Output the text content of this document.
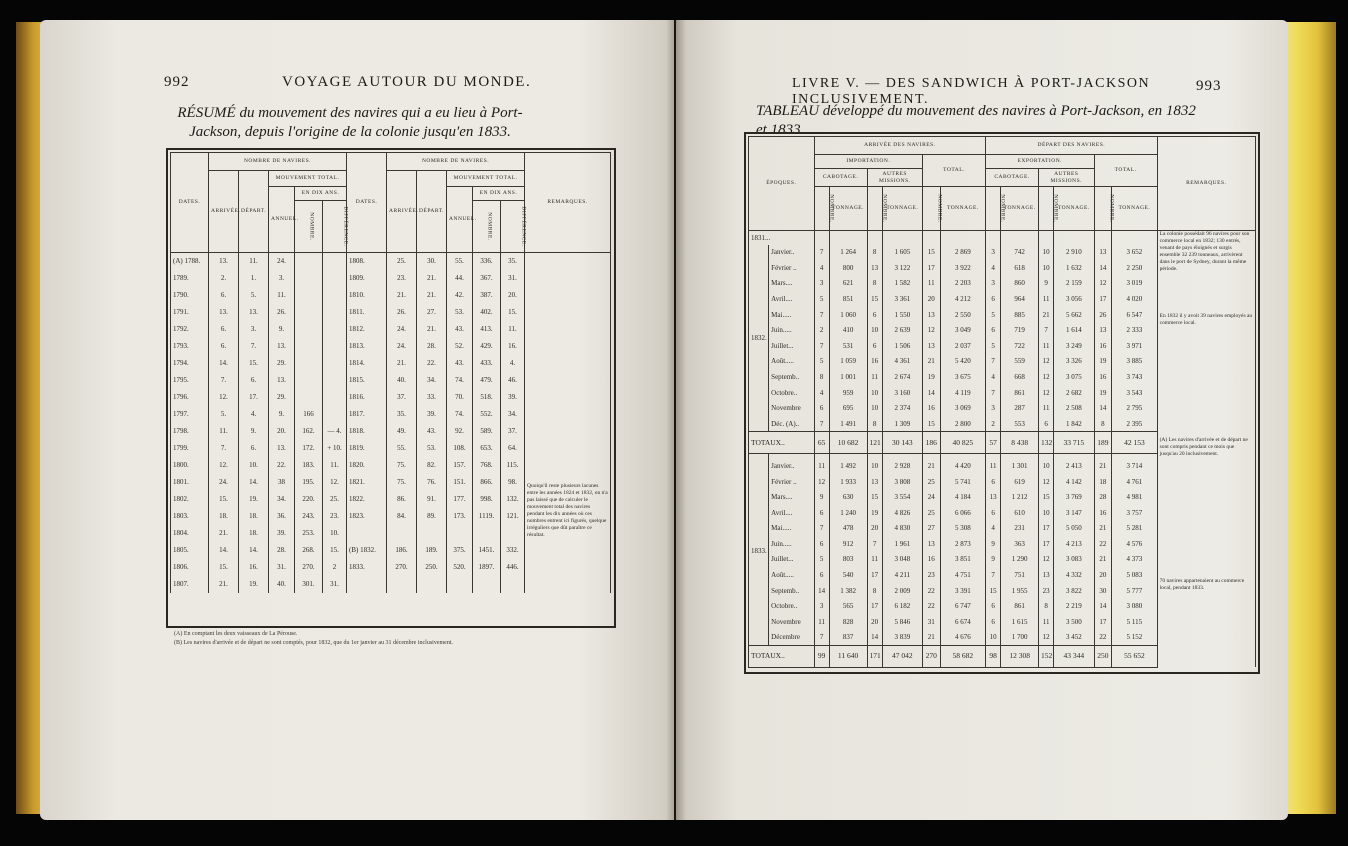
992	VOYAGE AUTOUR DU MONDE.
RÉSUMÉ du mouvement des navires qui a eu lieu à Port-Jackson, depuis l'origine de la colonie jusqu'en 1833.
DATES.	NOMBRE DE NAVIRES.					DATES.	NOMBRE DE NAVIRES.					REMARQUES.
	ARRIVÉE.	DÉPART.	MOUVEMENT TOTAL.				ARRIVÉE.	DÉPART.	MOUVEMENT TOTAL.			
			ANNUEL.	EN DIX ANS.					ANNUEL.	EN DIX ANS.		
				NOMBRE.	DIFFÉRENCE.					NOMBRE.	DIFFÉRENCE.	
(A) 1788.	13.	11.	24.			1808.	25.	30.	55.	336.	35.	Quoiqu'il reste plusieurs lacunes entre les années 1824 et 1832, on n'a pas laissé que de calculer le mouvement total des navires pendant les dix années où ces nombres entrent ici figurés, quelque irréguliers que dût paraître ce résultat.

1789.	2.	1.	3.			1809.	23.	21.	44.	367.	31.	
1790.	6.	5.	11.			1810.	21.	21.	42.	387.	20.	
1791.	13.	13.	26.			1811.	26.	27.	53.	402.	15.	
1792.	6.	3.	9.			1812.	24.	21.	43.	413.	11.	
1793.	6.	7.	13.			1813.	24.	28.	52.	429.	16.	
1794.	14.	15.	29.			1814.	21.	22.	43.	433.	4.	
1795.	7.	6.	13.			1815.	40.	34.	74.	479.	46.	
1796.	12.	17.	29.			1816.	37.	33.	70.	518.	39.	
1797.	5.	4.	9.	166		1817.	35.	39.	74.	552.	34.	
1798.	11.	9.	20.	162.	— 4.	1818.	49.	43.	92.	589.	37.	
1799.	7.	6.	13.	172.	+ 10.	1819.	55.	53.	108.	653.	64.	
1800.	12.	10.	22.	183.	11.	1820.	75.	82.	157.	768.	115.	
1801.	24.	14.	38	195.	12.	1821.	75.	76.	151.	866.	98.	
1802.	15.	19.	34.	220.	25.	1822.	86.	91.	177.	998.	132.	
1803.	18.	18.	36.	243.	23.	1823.	84.	89.	173.	1119.	121.	
1804.	21.	18.	39.	253.	10.							
1805.	14.	14.	28.	268.	15.	(B) 1832.	186.	189.	375.	1451.	332.	
1806.	15.	16.	31.	270.	2	1833.	270.	250.	520.	1897.	446.	
1807.	21.	19.	40.	301.	31.							
(A) En comptant les deux vaisseaux de La Pérouse.
(B) Les navires d'arrivée et de départ ne sont comptés, pour 1832, que du 1er janvier au 31 décembre inclusivement.
LIVRE V. — DES SANDWICH À PORT-JACKSON INCLUSIVEMENT.
993
TABLEAU développé du mouvement des navires à Port-Jackson, en 1832 et 1833.
ÉPOQUES.		ARRIVÉE DES NAVIRES.						DÉPART DES NAVIRES.						REMARQUES.
		IMPORTATION.				TOTAL.		EXPORTATION.				TOTAL.		
		CABOTAGE.		AUTRES MISSIONS.				CABOTAGE.		AUTRES MISSIONS.				
		NOMBRE.	TONNAGE.	NOMBRE.	TONNAGE.	NOMBRE.	TONNAGE.	NOMBRE.	TONNAGE.	NOMBRE.	TONNAGE.	NOMBRE.	TONNAGE.	
1831...														La colonie possédait 96 navires pour son commerce local en 1832; 130 entrés, venant de pays éloignés et surgis ensemble 32 239 tonneaux, arrivèrent dans le port de Sydney, durant la même période.
En 1832 il y avoit 39 navires employés au commerce local.
(A) Les navires d'arrivée et de départ ne sont compris pendant ce mois que jusqu'au 20 inclusivement.
70 navires appartenaient au commerce local, pendant 1833.

1832.	Janvier..	7	1 264	8	1 605	15	2 869	3	742	10	2 910	13	3 652	
	Février ..	4	800	13	3 122	17	3 922	4	618	10	1 632	14	2 250	
	Mars....	3	621	8	1 582	11	2 203	3	860	9	2 159	12	3 019	
	Avril....	5	851	15	3 361	20	4 212	6	964	11	3 056	17	4 020	
	Mai.....	7	1 060	6	1 550	13	2 550	5	885	21	5 662	26	6 547	
	Juin.....	2	410	10	2 639	12	3 049	6	719	7	1 614	13	2 333	
	Juillet...	7	531	6	1 506	13	2 037	5	722	11	3 249	16	3 971	
	Août.....	5	1 059	16	4 361	21	5 420	7	559	12	3 326	19	3 885	
	Septemb..	8	1 001	11	2 674	19	3 675	4	668	12	3 075	16	3 743	
	Octobre..	4	959	10	3 160	14	4 119	7	861	12	2 682	19	3 543	
	Novembre	6	695	10	2 374	16	3 069	3	287	11	2 508	14	2 795	
	Déc. (A)..	7	1 491	8	1 309	15	2 800	2	553	6	1 842	8	2 395	
TOTAUX..		65	10 682	121	30 143	186	40 825	57	8 438	132	33 715	189	42 153	

1833.	Janvier..	11	1 492	10	2 928	21	4 420	11	1 301	10	2 413	21	3 714	
	Février ..	12	1 933	13	3 808	25	5 741	6	619	12	4 142	18	4 761	
	Mars....	9	630	15	3 554	24	4 184	13	1 212	15	3 769	28	4 981	
	Avril....	6	1 240	19	4 826	25	6 066	6	610	10	3 147	16	3 757	
	Mai.....	7	478	20	4 830	27	5 308	4	231	17	5 050	21	5 281	
	Juin.....	6	912	7	1 961	13	2 873	9	363	17	4 213	22	4 576	
	Juillet...	5	803	11	3 048	16	3 851	9	1 290	12	3 083	21	4 373	
	Août.....	6	540	17	4 211	23	4 751	7	751	13	4 332	20	5 083	
	Septemb..	14	1 382	8	2 009	22	3 391	15	1 955	23	3 822	30	5 777	
	Octobre..	3	565	17	6 182	22	6 747	6	861	8	2 219	14	3 080	
	Novembre	11	828	20	5 846	31	6 674	6	1 615	11	3 500	17	5 115	
	Décembre	7	837	14	3 839	21	4 676	10	1 700	12	3 452	22	5 152	
TOTAUX..		99	11 640	171	47 042	270	58 682	98	12 308	152	43 344	250	55 652	
